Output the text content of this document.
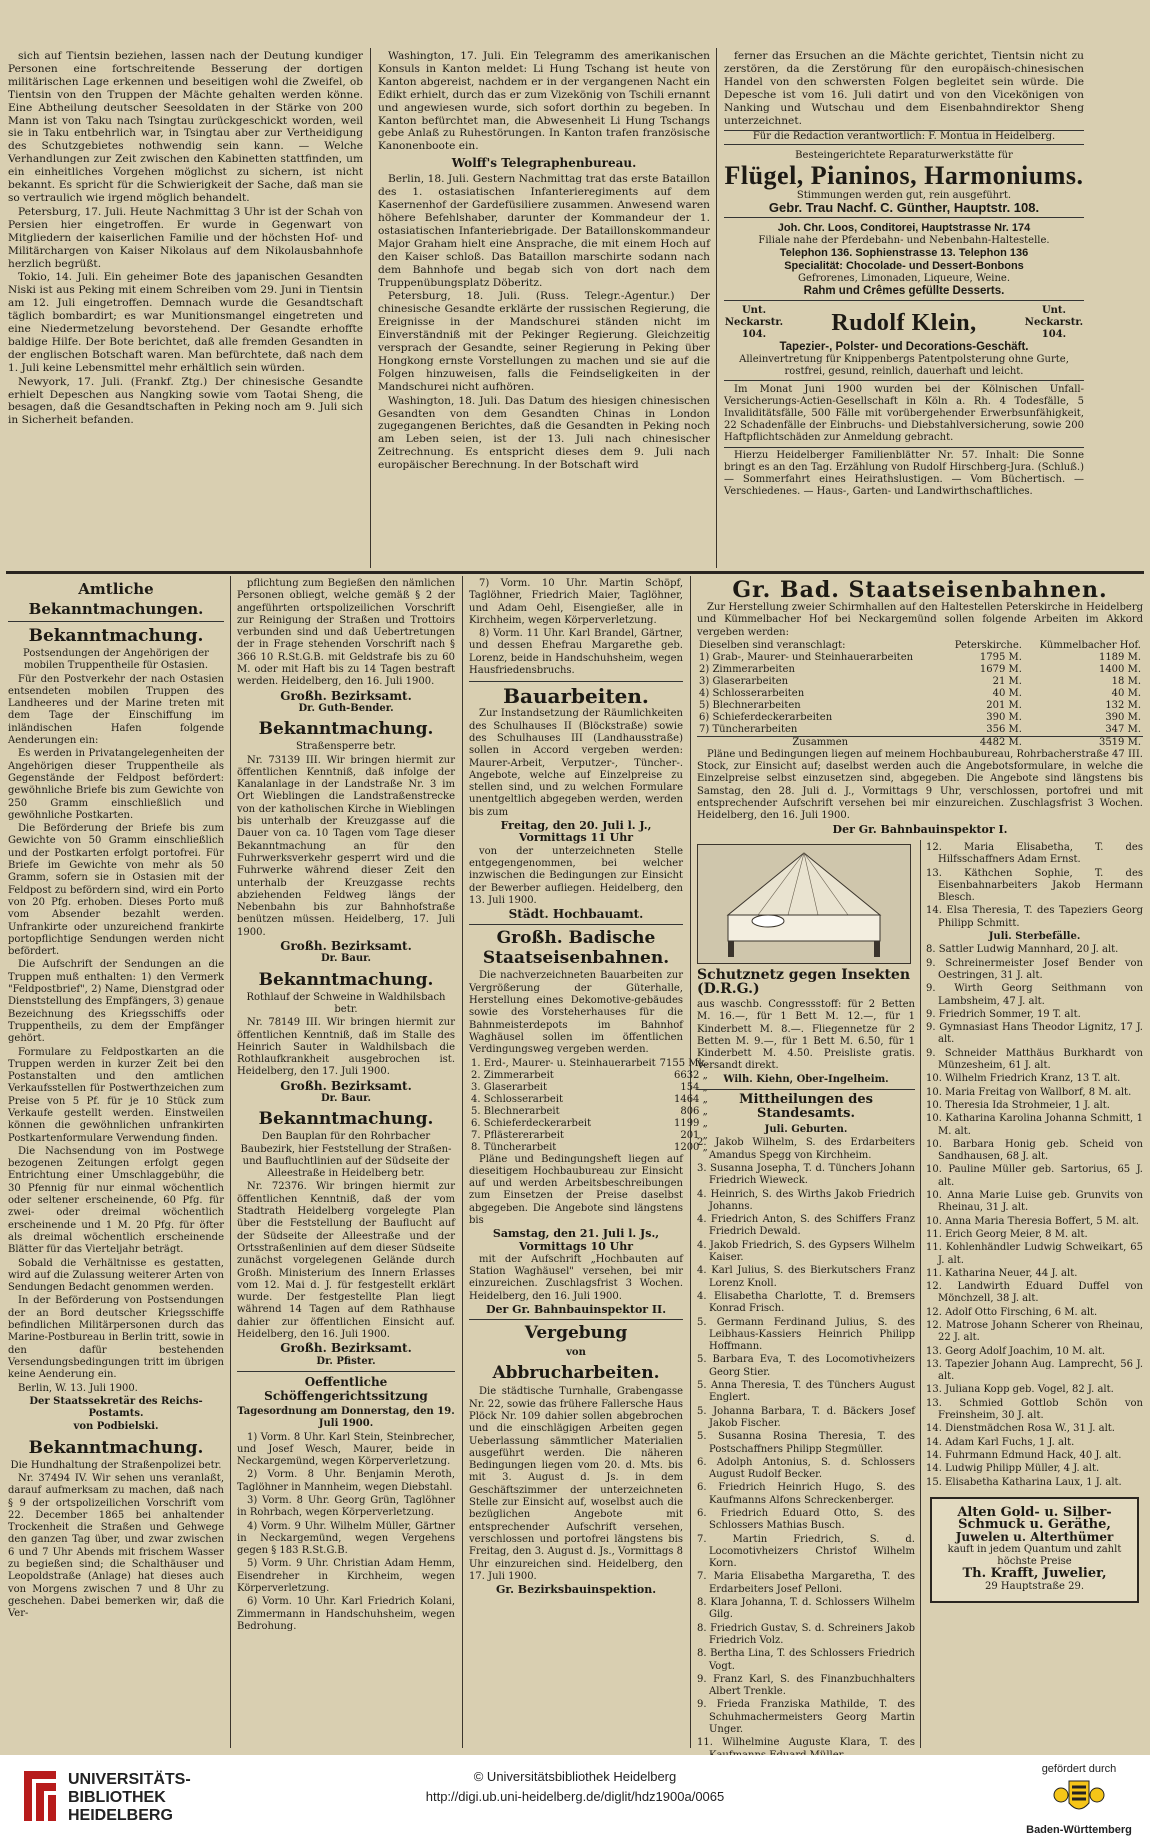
sich auf Tientsin beziehen, lassen nach der Deutung kundiger Personen eine fortschreitende Besserung der dortigen militärischen Lage erkennen und beseitigen wohl die Zweifel, ob Tientsin von den Truppen der Mächte gehalten werden könne. Eine Abtheilung deutscher Seesoldaten in der Stärke von 200 Mann ist von Taku nach Tsingtau zurückgeschickt worden, weil sie in Taku entbehrlich war, in Tsingtau aber zur Vertheidigung des Schutzgebietes nothwendig sein kann. — Welche Verhandlungen zur Zeit zwischen den Kabinetten stattfinden, um ein einheitliches Vorgehen möglichst zu sichern, ist nicht bekannt. Es spricht für die Schwierigkeit der Sache, daß man sie so vertraulich wie irgend möglich behandelt.

Petersburg, 17. Juli. Heute Nachmittag 3 Uhr ist der Schah von Persien hier eingetroffen. Er wurde in Gegenwart von Mitgliedern der kaiserlichen Familie und der höchsten Hof- und Militärchargen von Kaiser Nikolaus auf dem Nikolausbahnhofe herzlich begrüßt.

Tokio, 14. Juli. Ein geheimer Bote des japanischen Gesandten Niski ist aus Peking mit einem Schreiben vom 29. Juni in Tientsin am 12. Juli eingetroffen. Demnach wurde die Gesandtschaft täglich bombardirt; es war Munitionsmangel eingetreten und eine Niedermetzelung bevorstehend. Der Gesandte erhoffte baldige Hilfe. Der Bote berichtet, daß alle fremden Gesandten in der englischen Botschaft waren. Man befürchtete, daß nach dem 1. Juli keine Lebensmittel mehr erhältlich sein würden.

Newyork, 17. Juli. (Frankf. Ztg.) Der chinesische Gesandte erhielt Depeschen aus Nangking sowie vom Taotai Sheng, die besagen, daß die Gesandtschaften in Peking noch am 9. Juli sich in Sicherheit befanden.

Washington, 17. Juli. Ein Telegramm des amerikanischen Konsuls in Kanton meldet: Li Hung Tschang ist heute von Kanton abgereist, nachdem er in der vergangenen Nacht ein Edikt erhielt, durch das er zum Vizekönig von Tschili ernannt und angewiesen wurde, sich sofort dorthin zu begeben. In Kanton befürchtet man, die Abwesenheit Li Hung Tschangs gebe Anlaß zu Ruhestörungen. In Kanton trafen französische Kanonenboote ein.

Wolff's Telegraphenbureau.

Berlin, 18. Juli. Gestern Nachmittag trat das erste Bataillon des 1. ostasiatischen Infanterieregiments auf dem Kasernenhof der Gardefüsiliere zusammen. Anwesend waren höhere Befehlshaber, darunter der Kommandeur der 1. ostasiatischen Infanteriebrigade. Der Bataillonskommandeur Major Graham hielt eine Ansprache, die mit einem Hoch auf den Kaiser schloß. Das Bataillon marschirte sodann nach dem Bahnhofe und begab sich von dort nach dem Truppenübungsplatz Döberitz.

Petersburg, 18. Juli. (Russ. Telegr.-Agentur.) Der chinesische Gesandte erklärte der russischen Regierung, die Ereignisse in der Mandschurei ständen nicht im Einverständniß mit der Pekinger Regierung. Gleichzeitig versprach der Gesandte, seiner Regierung in Peking über Hongkong ernste Vorstellungen zu machen und sie auf die Folgen hinzuweisen, falls die Feindseligkeiten in der Mandschurei nicht aufhören.

Washington, 18. Juli. Das Datum des hiesigen chinesischen Gesandten von dem Gesandten Chinas in London zugegangenen Berichtes, daß die Gesandten in Peking noch am Leben seien, ist der 13. Juli nach chinesischer Zeitrechnung. Es entspricht dieses dem 9. Juli nach europäischer Berechnung. In der Botschaft wird

ferner das Ersuchen an die Mächte gerichtet, Tientsin nicht zu zerstören, da die Zerstörung für den europäisch-chinesischen Handel von den schwersten Folgen begleitet sein würde. Die Depesche ist vom 16. Juli datirt und von den Vicekönigen von Nanking und Wutschau und dem Eisenbahndirektor Sheng unterzeichnet.

Für die Redaction verantwortlich: F. Montua in Heidelberg.
Besteingerichtete Reparaturwerkstätte für
Flügel, Pianinos, Harmoniums.
Stimmungen werden gut, rein ausgeführt.
Gebr. Trau Nachf. C. Günther, Hauptstr. 108.
Joh. Chr. Loos, Conditorei, Hauptstrasse Nr. 174
Filiale nahe der Pferdebahn- und Nebenbahn-Haltestelle.
Telephon 136. Sophienstrasse 13. Telephon 136
Specialität: Chocolade- und Dessert-Bonbons
Gefrorenes, Limonaden, Liqueure, Weine.
Rahm und Crêmes gefüllte Desserts.
Unt. Neckarstr. 104.	Rudolf Klein,	Unt. Neckarstr. 104.
Tapezier-, Polster- und Decorations-Geschäft.
Alleinvertretung für Knippenbergs Patentpolsterung ohne Gurte, rostfrei, gesund, reinlich, dauerhaft und leicht.

Im Monat Juni 1900 wurden bei der Kölnischen Unfall-Versicherungs-Actien-Gesellschaft in Köln a. Rh. 4 Todesfälle, 5 Invaliditätsfälle, 500 Fälle mit vorübergehender Erwerbsunfähigkeit, 22 Schadenfälle der Einbruchs- und Diebstahlversicherung, sowie 200 Haftpflichtschäden zur Anmeldung gebracht.

Hierzu Heidelberger Familienblätter Nr. 57. Inhalt: Die Sonne bringt es an den Tag. Erzählung von Rudolf Hirschberg-Jura. (Schluß.) — Sommerfahrt eines Heirathslustigen. — Vom Büchertisch. — Verschiedenes. — Haus-, Garten- und Landwirthschaftliches.

Amtliche
Bekanntmachungen.
Bekanntmachung.

Postsendungen der Angehörigen der mobilen Truppentheile für Ostasien.

Für den Postverkehr der nach Ostasien entsendeten mobilen Truppen des Landheeres und der Marine treten mit dem Tage der Einschiffung im inländischen Hafen folgende Aenderungen ein:

Es werden in Privatangelegenheiten der Angehörigen dieser Truppentheile als Gegenstände der Feldpost befördert: gewöhnliche Briefe bis zum Gewichte von 250 Gramm einschließlich und gewöhnliche Postkarten.

Die Beförderung der Briefe bis zum Gewichte von 50 Gramm einschließlich und der Postkarten erfolgt portofrei. Für Briefe im Gewichte von mehr als 50 Gramm, sofern sie in Ostasien mit der Feldpost zu befördern sind, wird ein Porto von 20 Pfg. erhoben. Dieses Porto muß vom Absender bezahlt werden. Unfrankirte oder unzureichend frankirte portopflichtige Sendungen werden nicht befördert.

Die Aufschrift der Sendungen an die Truppen muß enthalten: 1) den Vermerk "Feldpostbrief", 2) Name, Dienstgrad oder Dienststellung des Empfängers, 3) genaue Bezeichnung des Kriegsschiffs oder Truppentheils, zu dem der Empfänger gehört.

Formulare zu Feldpostkarten an die Truppen werden in kurzer Zeit bei den Postanstalten und den amtlichen Verkaufsstellen für Postwerthzeichen zum Preise von 5 Pf. für je 10 Stück zum Verkaufe gestellt werden. Einstweilen können die gewöhnlichen unfrankirten Postkartenformulare Verwendung finden.

Die Nachsendung von im Postwege bezogenen Zeitungen erfolgt gegen Entrichtung einer Umschlaggebühr, die 30 Pfennig für nur einmal wöchentlich oder seltener erscheinende, 60 Pfg. für zwei- oder dreimal wöchentlich erscheinende und 1 M. 20 Pfg. für öfter als dreimal wöchentlich erscheinende Blätter für das Vierteljahr beträgt.

Sobald die Verhältnisse es gestatten, wird auf die Zulassung weiterer Arten von Sendungen Bedacht genommen werden.

In der Beförderung von Postsendungen der an Bord deutscher Kriegsschiffe befindlichen Militärpersonen durch das Marine-Postbureau in Berlin tritt, sowie in den dafür bestehenden Versendungsbedingungen tritt im übrigen keine Aenderung ein.

Berlin, W. 13. Juli 1900.

Der Staatssekretär des Reichs-Postamts.

von Podbielski.

Bekanntmachung.

Die Hundhaltung der Straßenpolizei betr.

Nr. 37494 IV. Wir sehen uns veranlaßt, darauf aufmerksam zu machen, daß nach § 9 der ortspolizeilichen Vorschrift vom 22. December 1865 bei anhaltender Trockenheit die Straßen und Gehwege den ganzen Tag über, und zwar zwischen 6 und 7 Uhr Abends mit frischem Wasser zu begießen sind; die Schalthäuser und Leopoldstraße (Anlage) hat dieses auch von Morgens zwischen 7 und 8 Uhr zu geschehen. Dabei bemerken wir, daß die Ver-

pflichtung zum Begießen den nämlichen Personen obliegt, welche gemäß § 2 der angeführten ortspolizeilichen Vorschrift zur Reinigung der Straßen und Trottoirs verbunden sind und daß Uebertretungen der in Frage stehenden Vorschrift nach § 366 10 R.St.G.B. mit Geldstrafe bis zu 60 M. oder mit Haft bis zu 14 Tagen bestraft werden. Heidelberg, den 16. Juli 1900.

Großh. Bezirksamt.

Dr. Guth-Bender.

Bekanntmachung.

Straßensperre betr.

Nr. 73139 III. Wir bringen hiermit zur öffentlichen Kenntniß, daß infolge der Kanalanlage in der Landstraße Nr. 3 im Ort Wieblingen die Landstraßenstrecke von der katholischen Kirche in Wieblingen bis unterhalb der Kreuzgasse auf die Dauer von ca. 10 Tagen vom Tage dieser Bekanntmachung an für den Fuhrwerksverkehr gesperrt wird und die Fuhrwerke während dieser Zeit den unterhalb der Kreuzgasse rechts abziehenden Feldweg längs der Nebenbahn bis zur Bahnhofstraße benützen müssen. Heidelberg, 17. Juli 1900.

Großh. Bezirksamt.

Dr. Baur.

Bekanntmachung.

Rothlauf der Schweine in Waldhilsbach betr.

Nr. 78149 III. Wir bringen hiermit zur öffentlichen Kenntniß, daß im Stalle des Heinrich Sauter in Waldhilsbach die Rothlaufkrankheit ausgebrochen ist. Heidelberg, den 17. Juli 1900.

Großh. Bezirksamt.

Dr. Baur.

Bekanntmachung.

Den Bauplan für den Rohrbacher Baubezirk, hier Feststellung der Straßen- und Baufluchtlinien auf der Südseite der Alleestraße in Heidelberg betr.

Nr. 72376. Wir bringen hiermit zur öffentlichen Kenntniß, daß der vom Stadtrath Heidelberg vorgelegte Plan über die Feststellung der Bauflucht auf der Südseite der Alleestraße und der Ortsstraßenlinien auf dem dieser Südseite zunächst vorgelegenen Gelände durch Großh. Ministerium des Innern Erlasses vom 12. Mai d. J. für festgestellt erklärt wurde. Der festgestellte Plan liegt während 14 Tagen auf dem Rathhause dahier zur öffentlichen Einsicht auf. Heidelberg, den 16. Juli 1900.

Großh. Bezirksamt.

Dr. Pfister.

Oeffentliche Schöffengerichtssitzung

Tagesordnung am Donnerstag, den 19. Juli 1900.

1) Vorm. 8 Uhr. Karl Stein, Steinbrecher, und Josef Wesch, Maurer, beide in Neckargemünd, wegen Körperverletzung.

2) Vorm. 8 Uhr. Benjamin Meroth, Taglöhner in Mannheim, wegen Diebstahl.

3) Vorm. 8 Uhr. Georg Grün, Taglöhner in Rohrbach, wegen Körperverletzung.

4) Vorm. 9 Uhr. Wilhelm Müller, Gärtner in Neckargemünd, wegen Vergehens gegen § 183 R.St.G.B.

5) Vorm. 9 Uhr. Christian Adam Hemm, Eisendreher in Kirchheim, wegen Körperverletzung.

6) Vorm. 10 Uhr. Karl Friedrich Kolani, Zimmermann in Handschuhsheim, wegen Bedrohung.

7) Vorm. 10 Uhr. Martin Schöpf, Taglöhner, Friedrich Maier, Taglöhner, und Adam Oehl, Eisengießer, alle in Kirchheim, wegen Körperverletzung.

8) Vorm. 11 Uhr. Karl Brandel, Gärtner, und dessen Ehefrau Margarethe geb. Lorenz, beide in Handschuhsheim, wegen Hausfriedensbruchs.

Bauarbeiten.

Zur Instandsetzung der Räumlichkeiten des Schulhauses II (Blöckstraße) sowie des Schulhauses III (Landhausstraße) sollen in Accord vergeben werden: Maurer-Arbeit, Verputzer-, Tüncher-. Angebote, welche auf Einzelpreise zu stellen sind, und zu welchen Formulare unentgeltlich abgegeben werden, werden bis zum

Freitag, den 20. Juli l. J., Vormittags 11 Uhr

von der unterzeichneten Stelle entgegengenommen, bei welcher inzwischen die Bedingungen zur Einsicht der Bewerber aufliegen. Heidelberg, den 13. Juli 1900.

Städt. Hochbauamt.

Großh. Badische Staatseisenbahnen.

Die nachverzeichneten Bauarbeiten zur Vergrößerung der Güterhalle, Herstellung eines Dekomotive-gebäudes sowie des Vorsteherhauses für die Bahnmeisterdepots im Bahnhof Waghäusel sollen im öffentlichen Verdingungsweg vergeben werden.

1. Erd-, Maurer- u. Steinhauerarbeit	7155 Mk.
2. Zimmerarbeit	6632 „
3. Glaserarbeit	154 „
4. Schlosserarbeit	1464 „
5. Blechnerarbeit	806 „
6. Schieferdeckerarbeit	1199 „
7. Pflästererarbeit	201 „
8. Tüncherarbeit	1200 „

Pläne und Bedingungsheft liegen auf dieseitigem Hochbaubureau zur Einsicht auf und werden Arbeitsbeschreibungen zum Einsetzen der Preise daselbst abgegeben. Die Angebote sind längstens bis

Samstag, den 21. Juli l. Js., Vormittags 10 Uhr

mit der Aufschrift „Hochbauten auf Station Waghäusel" versehen, bei mir einzureichen. Zuschlagsfrist 3 Wochen. Heidelberg, den 16. Juli 1900.

Der Gr. Bahnbauinspektor II.

Vergebung
von
Abbrucharbeiten.

Die städtische Turnhalle, Grabengasse Nr. 22, sowie das frühere Fallersche Haus Plöck Nr. 109 dahier sollen abgebrochen und die einschlägigen Arbeiten gegen Ueberlassung sämmtlicher Materialien ausgeführt werden. Die näheren Bedingungen liegen vom 20. d. Mts. bis mit 3. August d. Js. in dem Geschäftszimmer der unterzeichneten Stelle zur Einsicht auf, woselbst auch die bezüglichen Angebote mit entsprechender Aufschrift versehen, verschlossen und portofrei längstens bis Freitag, den 3. August d. Js., Vormittags 8 Uhr einzureichen sind. Heidelberg, den 17. Juli 1900.

Gr. Bezirksbauinspektion.

Gr. Bad. Staatseisenbahnen.

Zur Herstellung zweier Schirmhallen auf den Haltestellen Peterskirche in Heidelberg und Kümmelbacher Hof bei Neckargemünd sollen folgende Arbeiten im Akkord vergeben werden:

Dieselben sind veranschlagt:	Peterskirche.	Kümmelbacher Hof.
1) Grab-, Maurer- und Steinhauerarbeiten	1795 M.	1189 M.
2) Zimmerarbeiten	1679 M.	1400 M.
3) Glaserarbeiten	21 M.	18 M.
4) Schlosserarbeiten	40 M.	40 M.
5) Blechnerarbeiten	201 M.	132 M.
6) Schieferdeckerarbeiten	390 M.	390 M.
7) Tüncherarbeiten	356 M.	347 M.
Zusammen	4482 M.	3519 M.

Pläne und Bedingungen liegen auf meinem Hochbaubureau, Rohrbacherstraße 47 III. Stock, zur Einsicht auf; daselbst werden auch die Angebotsformulare, in welche die Einzelpreise selbst einzusetzen sind, abgegeben. Die Angebote sind längstens bis Samstag, den 28. Juli d. J., Vormittags 9 Uhr, verschlossen, portofrei und mit entsprechender Aufschrift versehen bei mir einzureichen. Zuschlagsfrist 3 Wochen. Heidelberg, den 16. Juli 1900.

Der Gr. Bahnbauinspektor I.

Schutznetz gegen Insekten (D.R.G.)

aus waschb. Congressstoff: für 2 Betten M. 16.—, für 1 Bett M. 12.—, für 1 Kinderbett M. 8.—. Fliegennetze für 2 Betten M. 9.—, für 1 Bett M. 6.50, für 1 Kinderbett M. 4.50. Preisliste gratis. Versandt direkt.

Wilh. Kiehn, Ober-Ingelheim.

Mittheilungen des Standesamts.

Juli. Geburten.

2. Jakob Wilhelm, S. des Erdarbeiters Amandus Spegg von Kirchheim.

3. Susanna Josepha, T. d. Tünchers Johann Friedrich Wieweck.

4. Heinrich, S. des Wirths Jakob Friedrich Johanns.

4. Friedrich Anton, S. des Schiffers Franz Friedrich Dewald.

4. Jakob Friedrich, S. des Gypsers Wilhelm Kaiser.

4. Karl Julius, S. des Bierkutschers Franz Lorenz Knoll.

4. Elisabetha Charlotte, T. d. Bremsers Konrad Frisch.

5. Germann Ferdinand Julius, S. des Leibhaus-Kassiers Heinrich Philipp Hoffmann.

5. Barbara Eva, T. des Locomotivheizers Georg Stier.

5. Anna Theresia, T. des Tünchers August Englert.

5. Johanna Barbara, T. d. Bäckers Josef Jakob Fischer.

5. Susanna Rosina Theresia, T. des Postschaffners Philipp Stegmüller.

6. Adolph Antonius, S. d. Schlossers August Rudolf Becker.

6. Friedrich Heinrich Hugo, S. des Kaufmanns Alfons Schreckenberger.

6. Friedrich Eduard Otto, S. des Schlossers Mathias Busch.

7. Martin Friedrich, S. d. Locomotivheizers Christof Wilhelm Korn.

7. Maria Elisabetha Margaretha, T. des Erdarbeiters Josef Pelloni.

8. Klara Johanna, T. d. Schlossers Wilhelm Gilg.

8. Friedrich Gustav, S. d. Schreiners Jakob Friedrich Volz.

8. Bertha Lina, T. des Schlossers Friedrich Vogt.

9. Franz Karl, S. des Finanzbuchhalters Albert Trenkle.

9. Frieda Franziska Mathilde, T. des Schuhmachermeisters Georg Martin Unger.

11. Wilhelmine Auguste Klara, T. des

12. Maria Elisabetha, T. des Hilfsschaffners Adam Ernst.

13. Käthchen Sophie, T. des Eisenbahnarbeiters Jakob Hermann Blesch.

14. Elsa Theresia, T. des Tapeziers Georg Philipp Schmitt.

Juli. Sterbefälle.

8. Sattler Ludwig Mannhard, 20 J. alt.

9. Schreinermeister Josef Bender von Oestringen, 31 J. alt.

9. Wirth Georg Seithmann von Lambsheim, 47 J. alt.

9. Friedrich Sommer, 19 T. alt.

9. Gymnasiast Hans Theodor Lignitz, 17 J. alt.

9. Schneider Matthäus Burkhardt von Münzesheim, 61 J. alt.

10. Wilhelm Friedrich Kranz, 13 T. alt.

10. Maria Freitag von Wallborf, 8 M. alt.

10. Theresia Ida Strohmeier, 1 J. alt.

10. Katharina Karolina Johanna Schmitt, 1 M. alt.

10. Barbara Honig geb. Scheid von Sandhausen, 68 J. alt.

10. Pauline Müller geb. Sartorius, 65 J. alt.

10. Anna Marie Luise geb. Grunvits von Rheinau, 31 J. alt.

10. Anna Maria Theresia Boffert, 5 M. alt.

11. Erich Georg Meier, 8 M. alt.

11. Kohlenhändler Ludwig Schweikart, 65 J. alt.

11. Katharina Neuer, 44 J. alt.

12. Landwirth Eduard Duffel von Mönchzell, 38 J. alt.

12. Adolf Otto Firsching, 6 M. alt.

12. Matrose Johann Scherer von Rheinau, 22 J. alt.

13. Georg Adolf Joachim, 10 M. alt.

13. Tapezier Johann Aug. Lamprecht, 56 J. alt.

13. Juliana Kopp geb. Vogel, 82 J. alt.

13. Schmied Gottlob Schön von Freinsheim, 30 J. alt.

14. Dienstmädchen Rosa W., 31 J. alt.

14. Adam Karl Fuchs, 1 J. alt.

14. Fuhrmann Edmund Hack, 40 J. alt.

14. Ludwig Philipp Müller, 4 J. alt.

15. Elisabetha Katharina Laux, 1 J. alt.

Alten Gold- u. Silber-
Schmuck u. Geräthe,
Juwelen u. Alterthümer
kauft in jedem Quantum und zahlt höchste Preise
Th. Krafft, Juwelier,
29 Hauptstraße 29.
UNIVERSITÄTS-
BIBLIOTHEK
HEIDELBERG
© Universitätsbibliothek Heidelberg
http://digi.ub.uni-heidelberg.de/diglit/hdz1900a/0065
gefördert durch
Baden-Württemberg
